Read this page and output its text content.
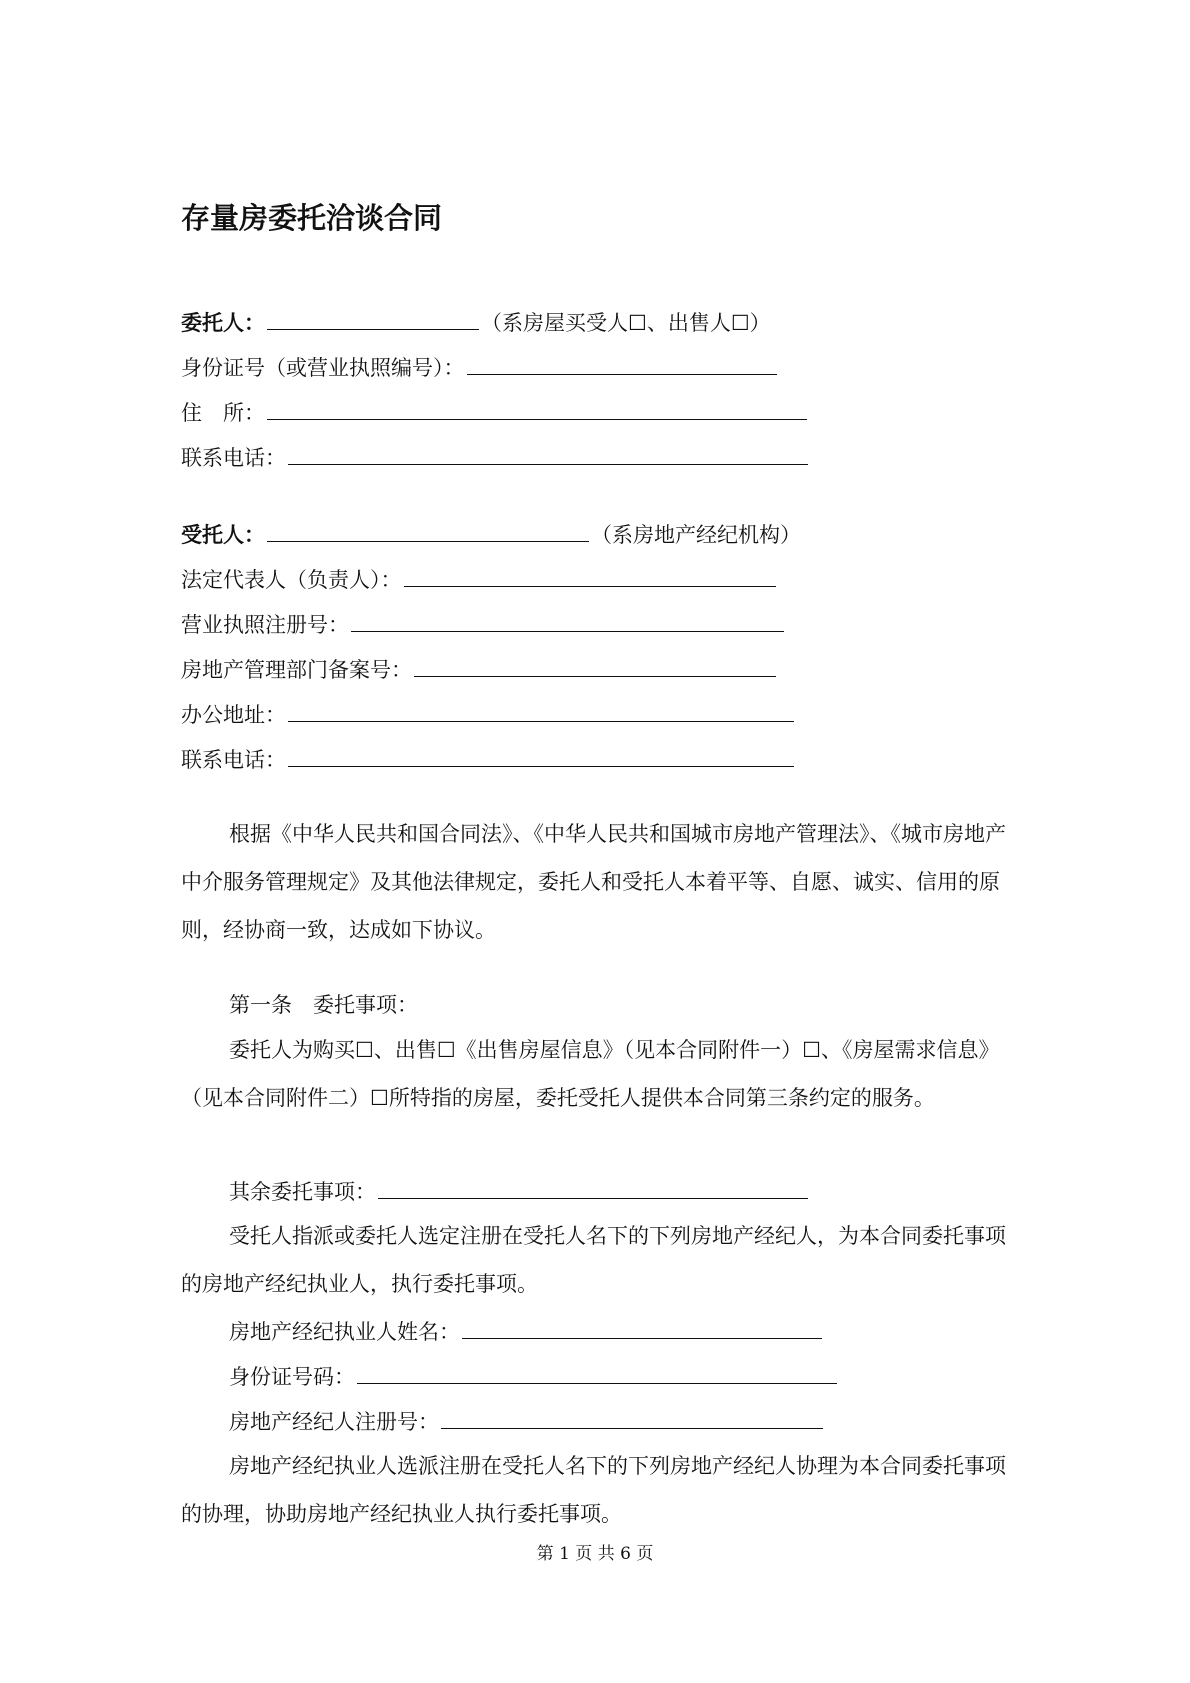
存量房委托洽谈合同
委托人：	（系房屋买受人☐、出售人☐）
身份证号（或营业执照编号）：
住　所：
联系电话：
受托人：	（系房地产经纪机构）
法定代表人（负责人）：
营业执照注册号：
房地产管理部门备案号：
办公地址：
联系电话：
根据《中华人民共和国合同法》、《中华人民共和国城市房地产管理法》、《城市房地产中介服务管理规定》及其他法律规定，委托人和受托人本着平等、自愿、诚实、信用的原则，经协商一致，达成如下协议。
第一条　委托事项：
委托人为购买☐、出售☐《出售房屋信息》（见本合同附件一）☐、《房屋需求信息》（见本合同附件二）☐所特指的房屋，委托受托人提供本合同第三条约定的服务。
其余委托事项：
受托人指派或委托人选定注册在受托人名下的下列房地产经纪人，为本合同委托事项的房地产经纪执业人，执行委托事项。
房地产经纪执业人姓名：
身份证号码：
房地产经纪人注册号：
房地产经纪执业人选派注册在受托人名下的下列房地产经纪人协理为本合同委托事项的协理，协助房地产经纪执业人执行委托事项。
第 1 页 共 6 页
